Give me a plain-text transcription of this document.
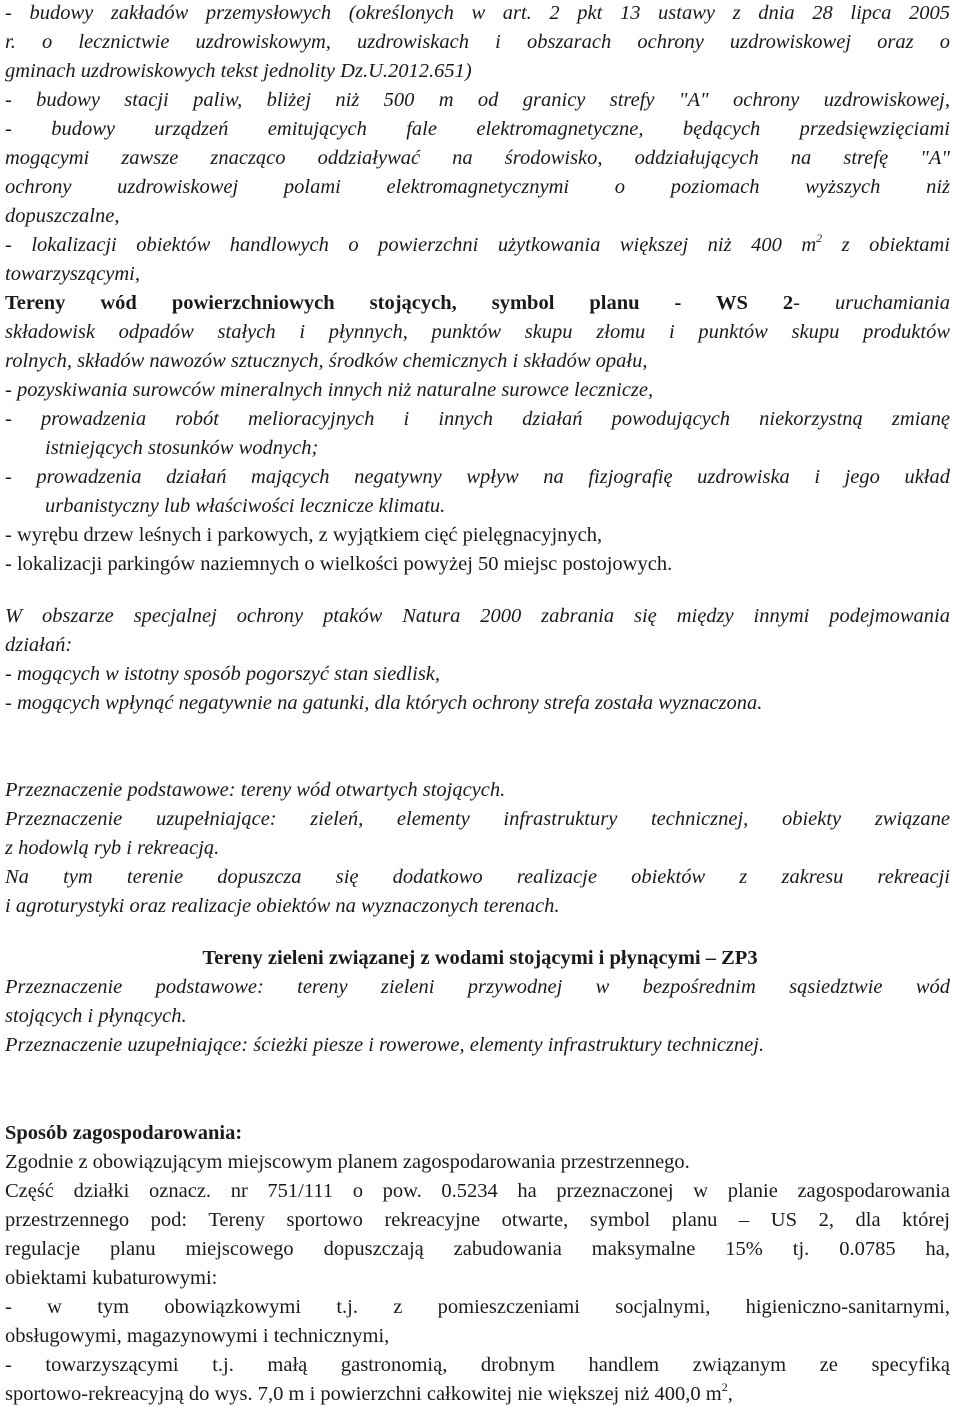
- budowy zakładów przemysłowych (określonych w art. 2 pkt 13 ustawy z dnia 28 lipca 2005
r. o lecznictwie uzdrowiskowym, uzdrowiskach i obszarach ochrony uzdrowiskowej oraz o
gminach uzdrowiskowych tekst jednolity Dz.U.2012.651)
- budowy stacji paliw, bliżej niż 500 m od granicy strefy "A" ochrony uzdrowiskowej,
- budowy urządzeń emitujących fale elektromagnetyczne, będących przedsięwzięciami
mogącymi zawsze znacząco oddziaływać na środowisko, oddziałujących na strefę "A"
ochrony uzdrowiskowej polami elektromagnetycznymi o poziomach wyższych niż
dopuszczalne,
- lokalizacji obiektów handlowych o powierzchni użytkowania większej niż 400 $m^2$ z obiektami
towarzyszącymi,
Tereny wód powierzchniowych stojących, symbol planu - WS 2- uruchamiania
składowisk odpadów stałych i płynnych, punktów skupu złomu i punktów skupu produktów
rolnych, składów nawozów sztucznych, środków chemicznych i składów opału,
- pozyskiwania surowców mineralnych innych niż naturalne surowce lecznicze,
- prowadzenia robót melioracyjnych i innych działań powodujących niekorzystną zmianę
istniejących stosunków wodnych;
- prowadzenia działań mających negatywny wpływ na fizjografię uzdrowiska i jego układ
urbanistyczny lub właściwości lecznicze klimatu.
- wyrębu drzew leśnych i parkowych, z wyjątkiem cięć pielęgnacyjnych,
- lokalizacji parkingów naziemnych o wielkości powyżej 50 miejsc postojowych.
W obszarze specjalnej ochrony ptaków Natura 2000 zabrania się między innymi podejmowania
działań:
- mogących w istotny sposób pogorszyć stan siedlisk,
- mogących wpłynąć negatywnie na gatunki, dla których ochrony strefa została wyznaczona.
Przeznaczenie podstawowe: tereny wód otwartych stojących.
Przeznaczenie uzupełniające: zieleń, elementy infrastruktury technicznej, obiekty związane
z hodowlą ryb i rekreacją.
Na tym terenie dopuszcza się dodatkowo realizacje obiektów z zakresu rekreacji
i agroturystyki oraz realizacje obiektów na wyznaczonych terenach.
Tereny zieleni związanej z wodami stojącymi i płynącymi – ZP3
Przeznaczenie podstawowe: tereny zieleni przywodnej w bezpośrednim sąsiedztwie wód
stojących i płynących.
Przeznaczenie uzupełniające: ścieżki piesze i rowerowe, elementy infrastruktury technicznej.
Sposób zagospodarowania:
Zgodnie z obowiązującym miejscowym planem zagospodarowania przestrzennego.
Część działki oznacz. nr 751/111 o pow. 0.5234 ha przeznaczonej w planie zagospodarowania
przestrzennego pod: Tereny sportowo rekreacyjne otwarte, symbol planu – US 2, dla której
regulacje planu miejscowego dopuszczają zabudowania maksymalne 15% tj. 0.0785 ha,
obiektami kubaturowymi:
- w tym obowiązkowymi t.j. z pomieszczeniami socjalnymi, higieniczno-sanitarnymi,
obsługowymi, magazynowymi i technicznymi,
- towarzyszącymi t.j. małą gastronomią, drobnym handlem związanym ze specyfiką
sportowo-rekreacyjną do wys. 7,0 m i powierzchni całkowitej nie większej niż 400,0 $m^2$,
